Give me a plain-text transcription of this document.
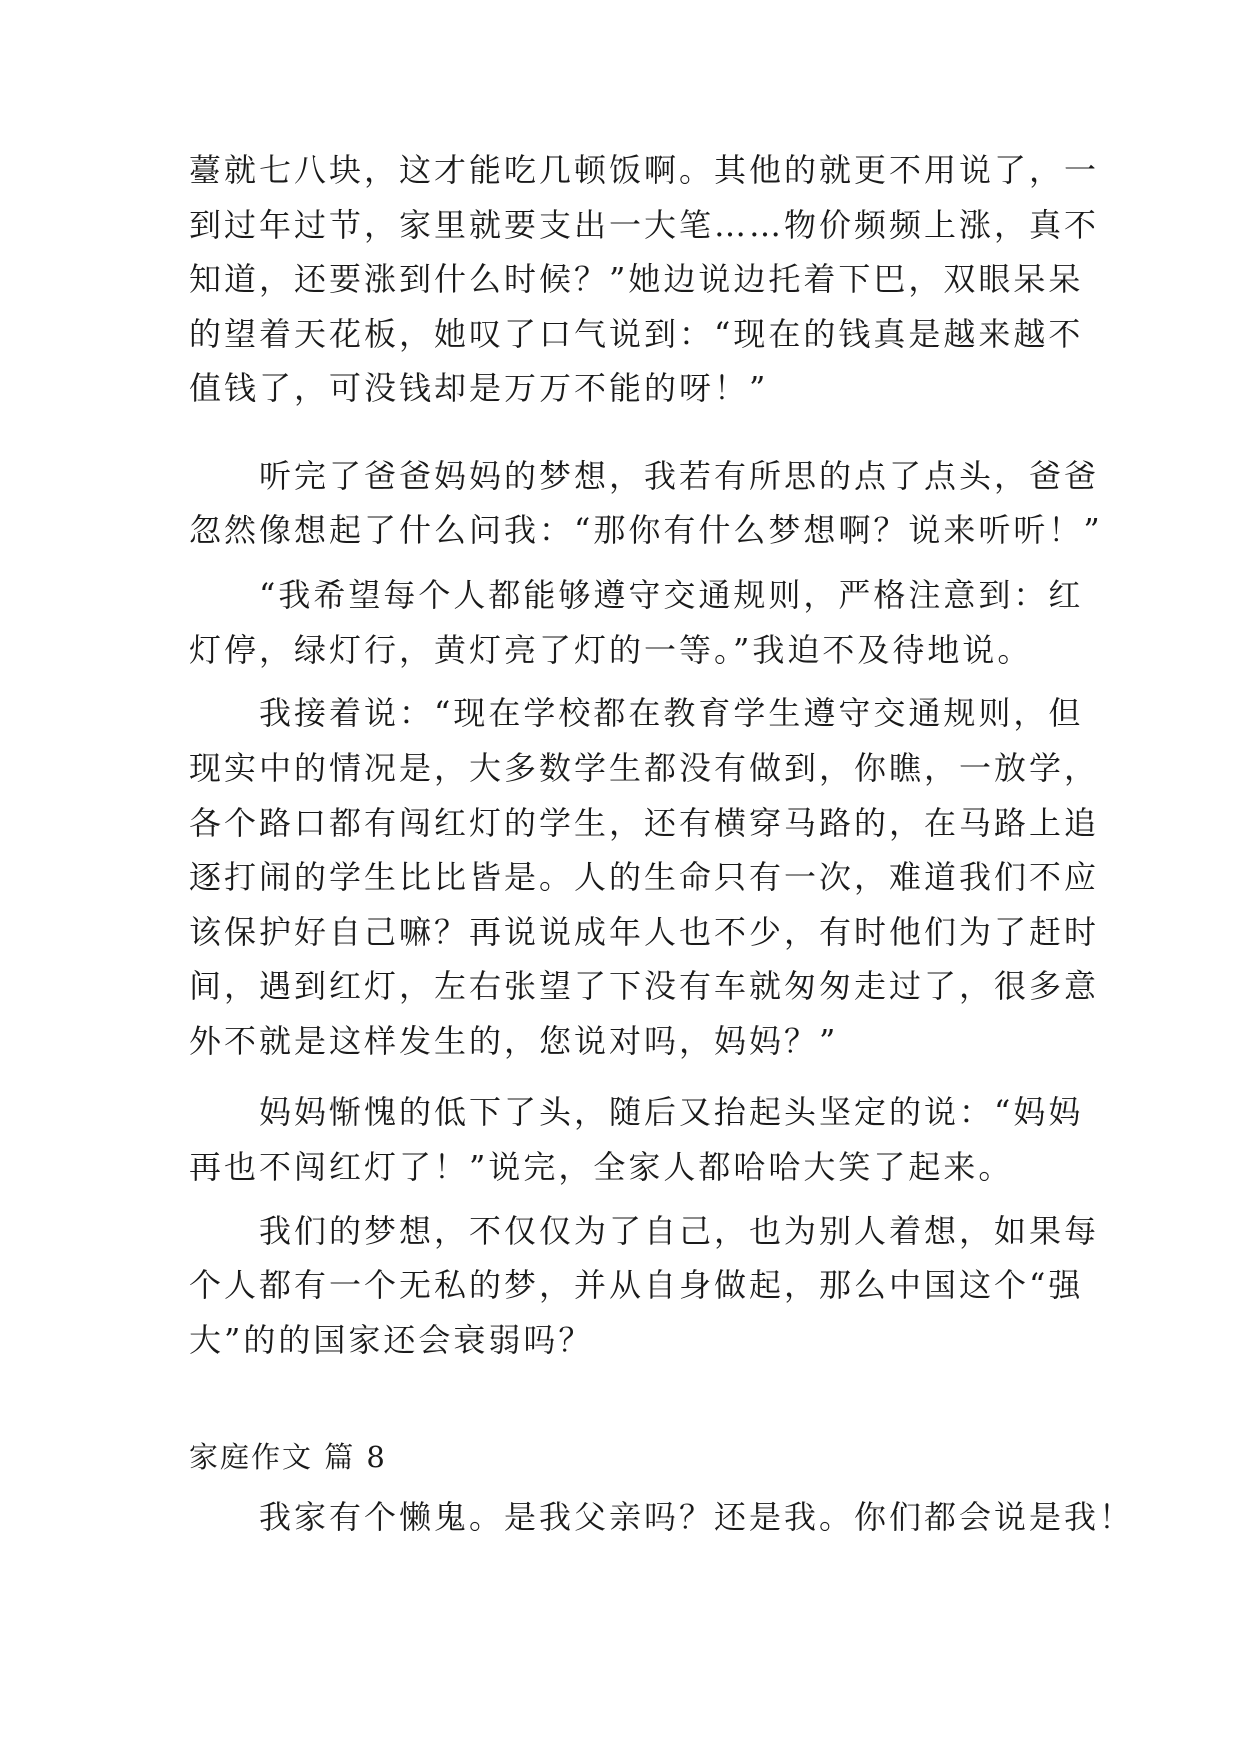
薹就七八块，这才能吃几顿饭啊。其他的就更不用说了，一
到过年过节，家里就要支出一大笔……物价频频上涨，真不
知道，还要涨到什么时候？”她边说边托着下巴，双眼呆呆
的望着天花板，她叹了口气说到：“现在的钱真是越来越不
值钱了，可没钱却是万万不能的呀！”
　　听完了爸爸妈妈的梦想，我若有所思的点了点头，爸爸
忽然像想起了什么问我：“那你有什么梦想啊？说来听听！”
　　“我希望每个人都能够遵守交通规则，严格注意到：红
灯停，绿灯行，黄灯亮了灯的一等。”我迫不及待地说。
　　我接着说：“现在学校都在教育学生遵守交通规则，但
现实中的情况是，大多数学生都没有做到，你瞧，一放学，
各个路口都有闯红灯的学生，还有横穿马路的，在马路上追
逐打闹的学生比比皆是。人的生命只有一次，难道我们不应
该保护好自己嘛？再说说成年人也不少，有时他们为了赶时
间，遇到红灯，左右张望了下没有车就匆匆走过了，很多意
外不就是这样发生的，您说对吗，妈妈？”
　　妈妈惭愧的低下了头，随后又抬起头坚定的说：“妈妈
再也不闯红灯了！”说完，全家人都哈哈大笑了起来。
　　我们的梦想，不仅仅为了自己，也为别人着想，如果每
个人都有一个无私的梦，并从自身做起，那么中国这个“强
大”的的国家还会衰弱吗？
家庭作文 篇 8
　　我家有个懒鬼。是我父亲吗？还是我。你们都会说是我！
